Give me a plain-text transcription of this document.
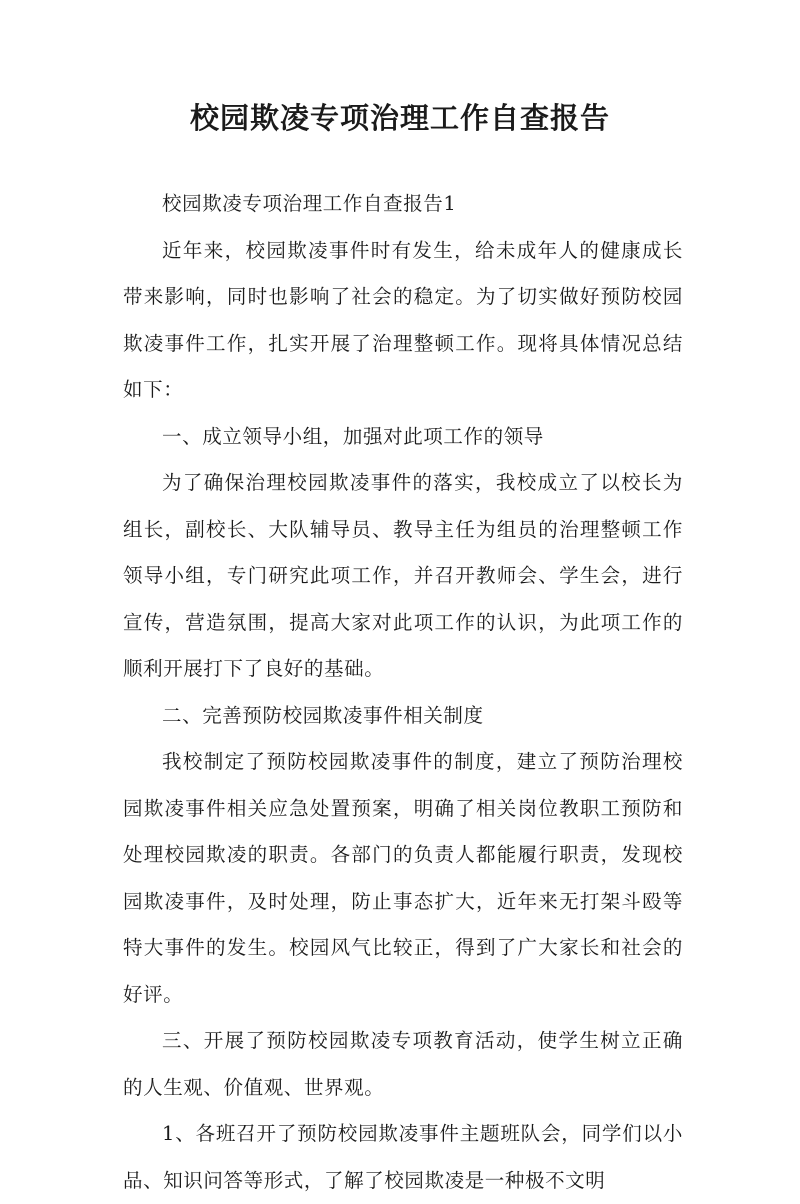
校园欺凌专项治理工作自查报告

校园欺凌专项治理工作自查报告1

近年来，校园欺凌事件时有发生，给未成年人的健康成长带来影响，同时也影响了社会的稳定。为了切实做好预防校园欺凌事件工作，扎实开展了治理整顿工作。现将具体情况总结如下：

一、成立领导小组，加强对此项工作的领导

为了确保治理校园欺凌事件的落实，我校成立了以校长为组长，副校长、大队辅导员、教导主任为组员的治理整顿工作领导小组，专门研究此项工作，并召开教师会、学生会，进行宣传，营造氛围，提高大家对此项工作的认识，为此项工作的顺利开展打下了良好的基础。

二、完善预防校园欺凌事件相关制度

我校制定了预防校园欺凌事件的制度，建立了预防治理校园欺凌事件相关应急处置预案，明确了相关岗位教职工预防和处理校园欺凌的职责。各部门的负责人都能履行职责，发现校园欺凌事件，及时处理，防止事态扩大，近年来无打架斗殴等特大事件的发生。校园风气比较正，得到了广大家长和社会的好评。

三、开展了预防校园欺凌专项教育活动，使学生树立正确的人生观、价值观、世界观。

1、各班召开了预防校园欺凌事件主题班队会，同学们以小品、知识问答等形式，了解了校园欺凌是一种极不文明
